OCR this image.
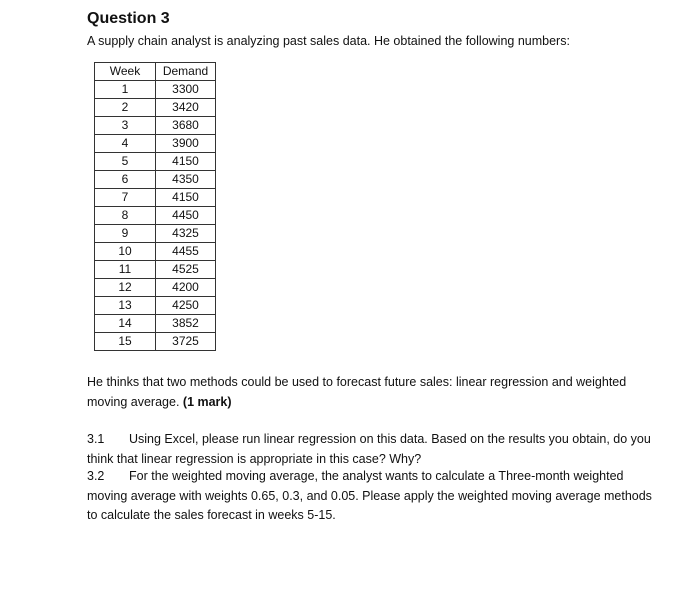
Question 3
A supply chain analyst is analyzing past sales data. He obtained the following numbers:
Week	Demand
1	3300
2	3420
3	3680
4	3900
5	4150
6	4350
7	4150
8	4450
9	4325
10	4455
11	4525
12	4200
13	4250
14	3852
15	3725
He thinks that two methods could be used to forecast future sales: linear regression and weighted moving average. (1 mark)
3.1 Using Excel, please run linear regression on this data. Based on the results you obtain, do you think that linear regression is appropriate in this case? Why?
3.2 For the weighted moving average, the analyst wants to calculate a Three-month weighted moving average with weights 0.65, 0.3, and 0.05. Please apply the weighted moving average methods to calculate the sales forecast in weeks 5-15.
